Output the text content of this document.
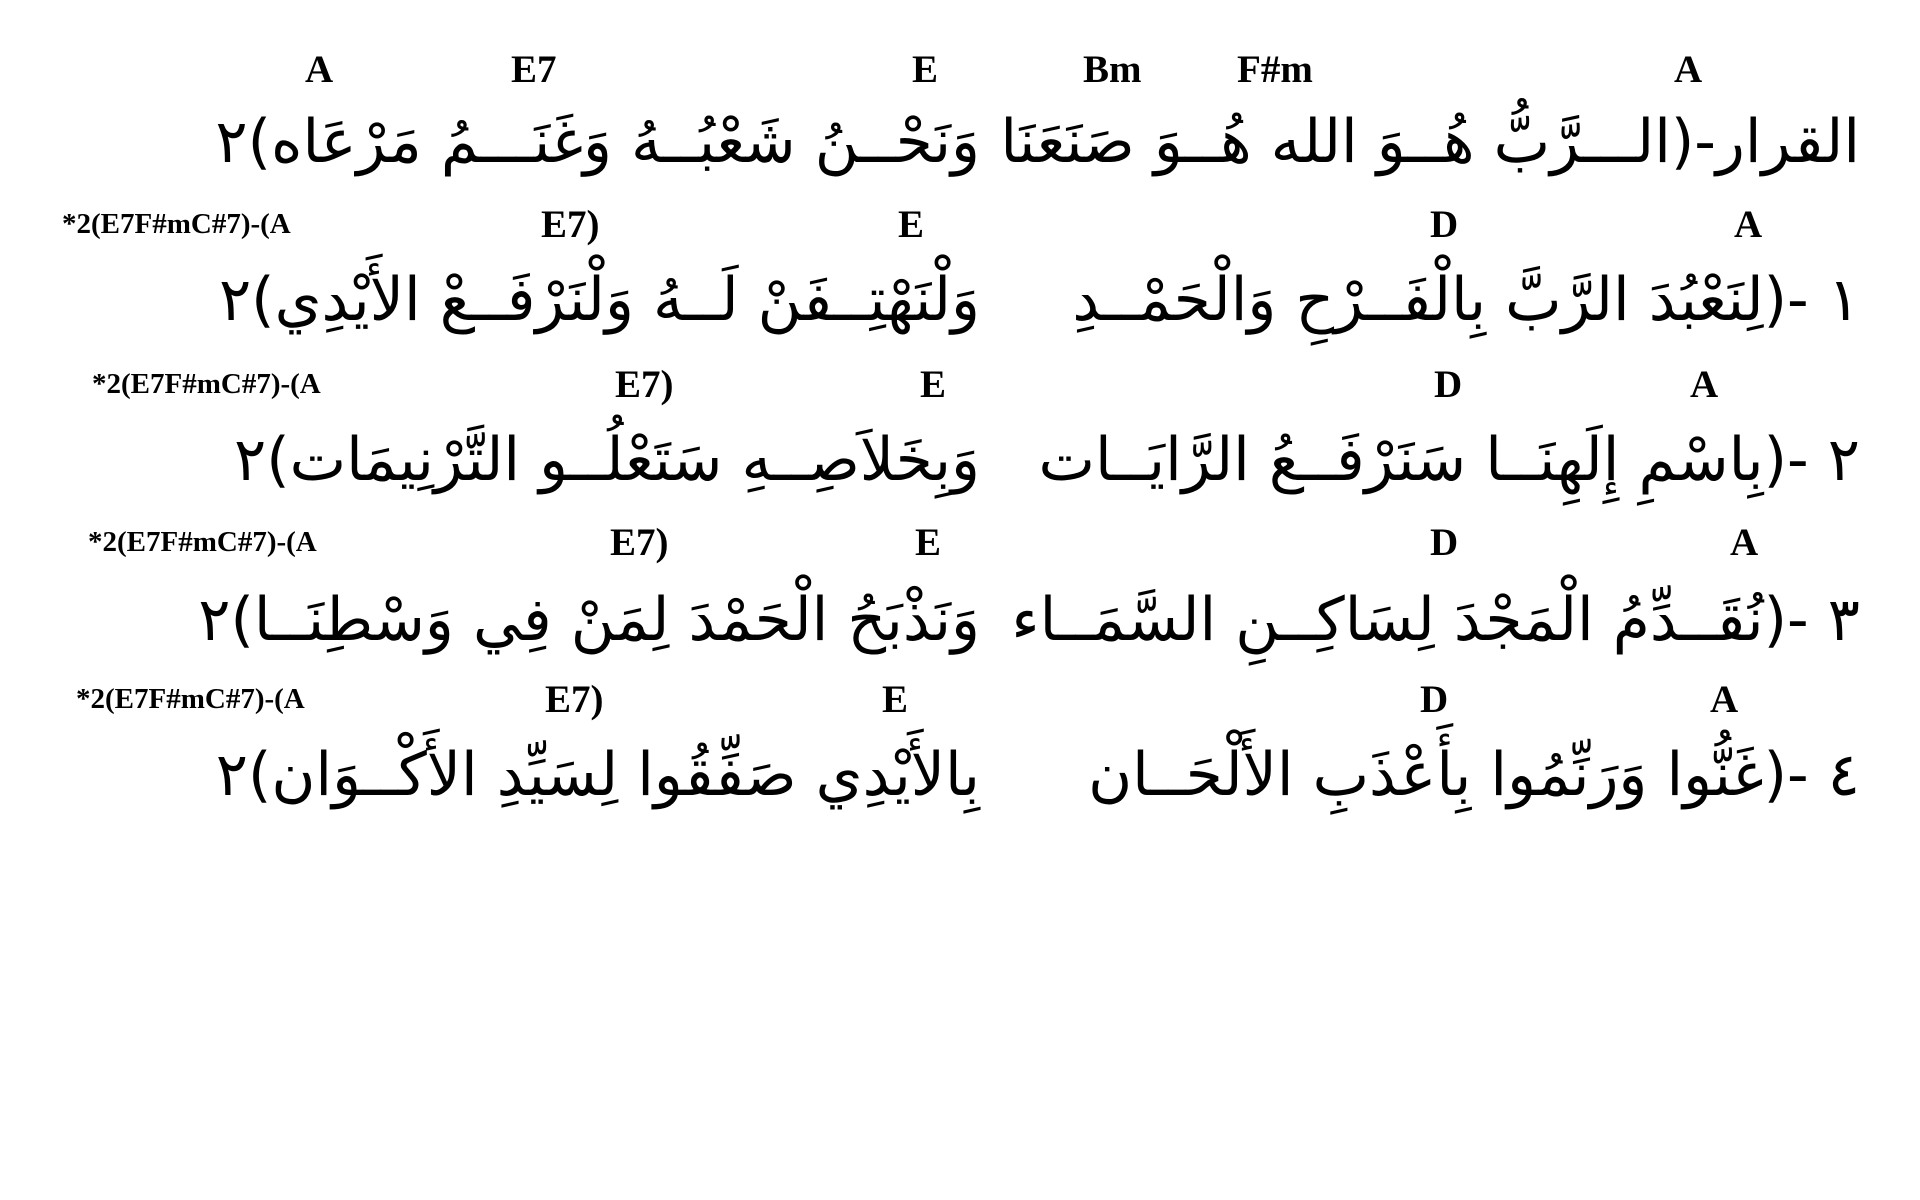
A	E7	E	Bm F#m	A
وَنَحْــنُ شَعْبُــهُ وَغَنَـــمُ مَرْعَاه)٢ القرار-(الـــرَّبُّ هُــوَ الله هُــوَ صَنَعَنَا
*2(E7F#mC#7)-(A	E7)	E	D	A
وَلْنَهْتِــفَنْ لَــهُ وَلْنَرْفَــعْ الأَيْدِي)٢ ١ -(لِنَعْبُدَ الرَّبَّ بِالْفَــرْحِ وَالْحَمْــدِ
*2(E7F#mC#7)-(A	E7)	E	D	A
وَبِخَلاَصِــهِ سَتَعْلُــو التَّرْنِيمَات)٢ ٢ -(بِاسْمِ إِلَهِنَــا سَنَرْفَــعُ الرَّايَــات
*2(E7F#mC#7)-(A	E7)	E	D	A
وَنَذْبَحُ الْحَمْدَ لِمَنْ فِي وَسْطِنَــا)٢ ٣ -(نُقَــدِّمُ الْمَجْدَ لِسَاكِــنِ السَّمَــاء
*2(E7F#mC#7)-(A	E7)	E	D	A
بِالأَيْدِي صَفِّقُوا لِسَيِّدِ الأَكْــوَان)٢ ٤ -(غَنُّوا وَرَنِّمُوا بِأَعْذَبِ الأَلْحَــان
